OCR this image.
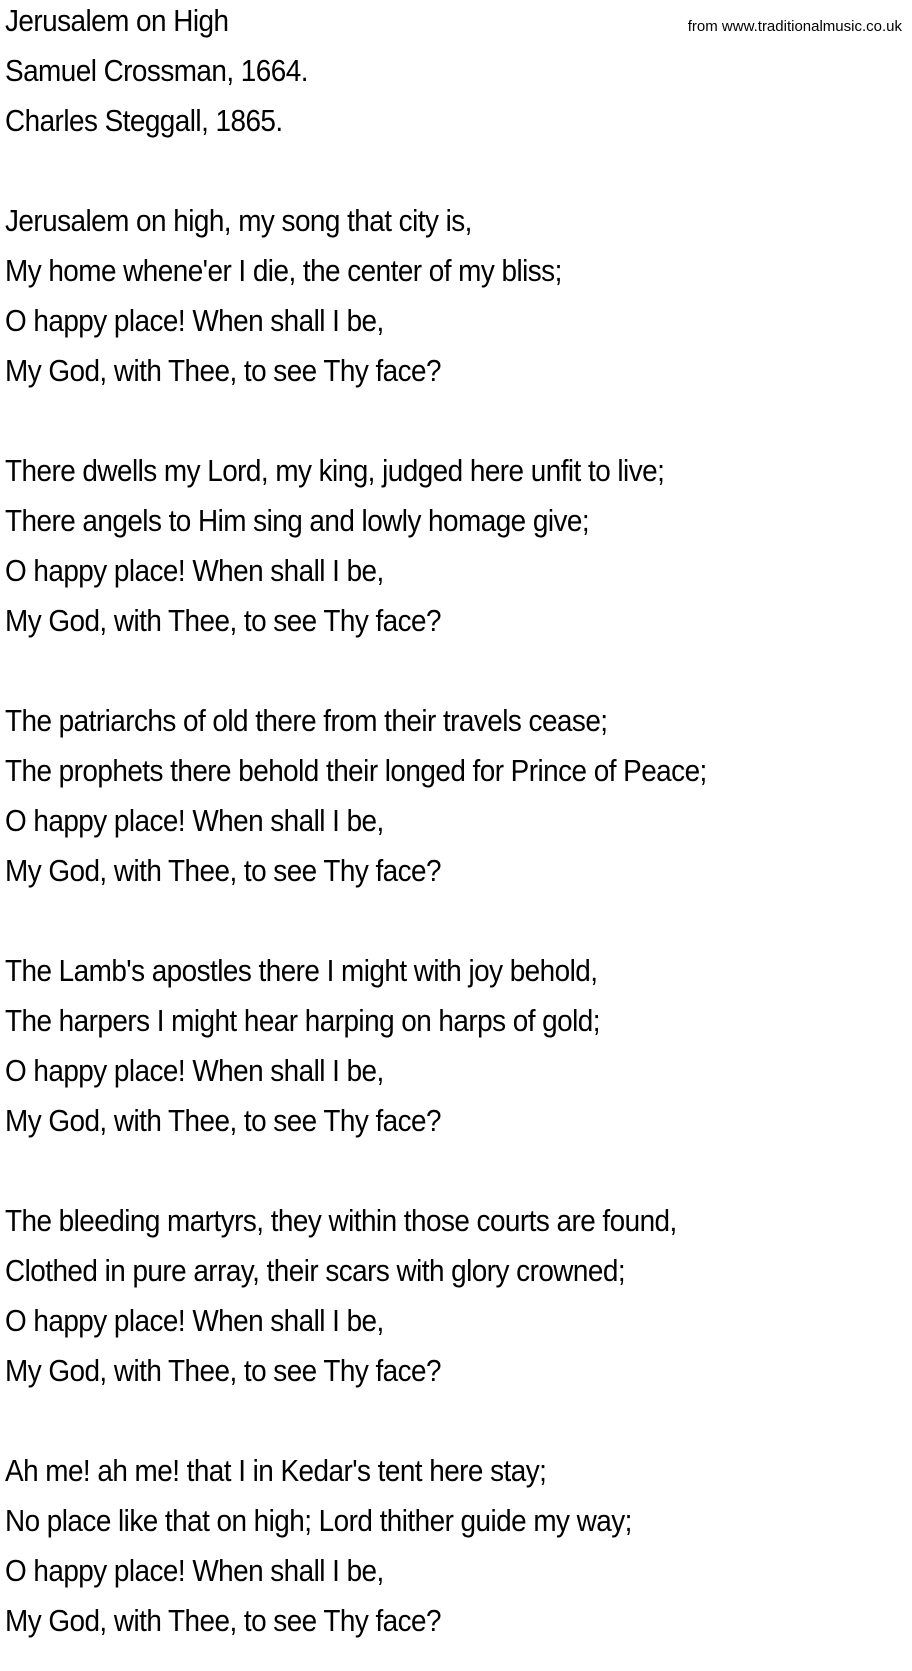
from www.traditionalmusic.co.uk
Jerusalem on High
Samuel Crossman, 1664.
Charles Steggall, 1865.
Jerusalem on high, my song that city is,
My home whene'er I die, the center of my bliss;
O happy place! When shall I be,
My God, with Thee, to see Thy face?
There dwells my Lord, my king, judged here unfit to live;
There angels to Him sing and lowly homage give;
O happy place! When shall I be,
My God, with Thee, to see Thy face?
The patriarchs of old there from their travels cease;
The prophets there behold their longed for Prince of Peace;
O happy place! When shall I be,
My God, with Thee, to see Thy face?
The Lamb's apostles there I might with joy behold,
The harpers I might hear harping on harps of gold;
O happy place! When shall I be,
My God, with Thee, to see Thy face?
The bleeding martyrs, they within those courts are found,
Clothed in pure array, their scars with glory crowned;
O happy place! When shall I be,
My God, with Thee, to see Thy face?
Ah me! ah me! that I in Kedar's tent here stay;
No place like that on high; Lord thither guide my way;
O happy place! When shall I be,
My God, with Thee, to see Thy face?
